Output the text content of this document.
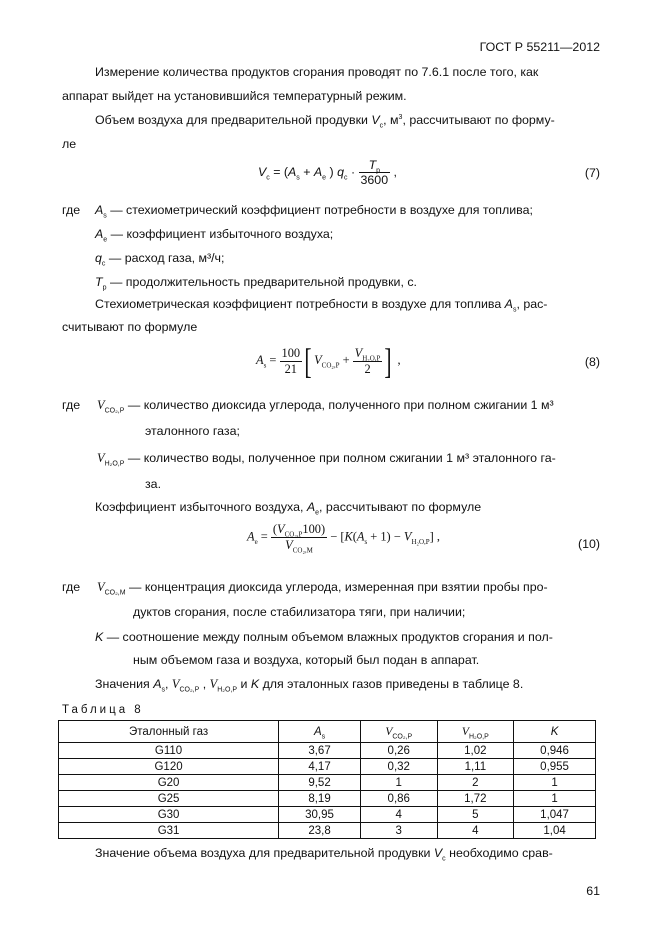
ГОСТ Р 55211—2012
Измерение количества продуктов сгорания проводят по 7.6.1 после того, как
аппарат выйдет на установившийся температурный режим.
Объем воздуха для предварительной продувки $V_c$, $м^3$, рассчитывают по форму-
ле
$V_c = (A_s + A_e$ ) $q_c \cdot \frac{T_p}{3600}$ ,	(7)
где $A_s$ — стехиометрический коэффициент потребности в воздухе для топлива;
$A_e$ — коэффициент избыточного воздуха;
$q_c$ — расход газа, м³/ч;
$T_p$ — продолжительность предварительной продувки, с.
Стехиометрическая коэффициент потребности в воздухе для топлива $A_s$, рас-
считывают по формуле
$A_s = \frac{100}{21}$ [ $V_{CO_2,P} + \frac{V_{H_2O,P}}{2}$ ] ,	(8)
где $V_{CO_2,P}$ — количество диоксида углерода, полученного при полном сжигании 1 м³
эталонного газа;
$V_{H_2O,P}$ — количество воды, полученное при полном сжигании 1 м³ эталонного га-
за.
Коэффициент избыточного воздуха, $A_e$, рассчитывают по формуле
$A_e = \frac{(V_{CO_2,P}100)}{V_{CO_2,M}} - [K(A_s + 1) - V_{H_2O,P}]$ ,
(10)
где $V_{CO_2,M}$ — концентрация диоксида углерода, измеренная при взятии пробы про-
дуктов сгорания, после стабилизатора тяги, при наличии;
K — соотношение между полным объемом влажных продуктов сгорания и пол-
ным объемом газа и воздуха, который был подан в аппарат.
Значения $A_s$, $V_{CO_2,P}$ , $V_{H_2O,P}$ и K для эталонных газов приведены в таблице 8.
Таблица 8
Эталонный газ	$A_s$	$V_{CO_2,P}$	$V_{H_2O,P}$	K
G110	3,67	0,26	1,02	0,946
G120	4,17	0,32	1,11	0,955
G20	9,52	1	2	1
G25	8,19	0,86	1,72	1
G30	30,95	4	5	1,047
G31	23,8	3	4	1,04
Значение объема воздуха для предварительной продувки $V_c$ необходимо срав-
61
